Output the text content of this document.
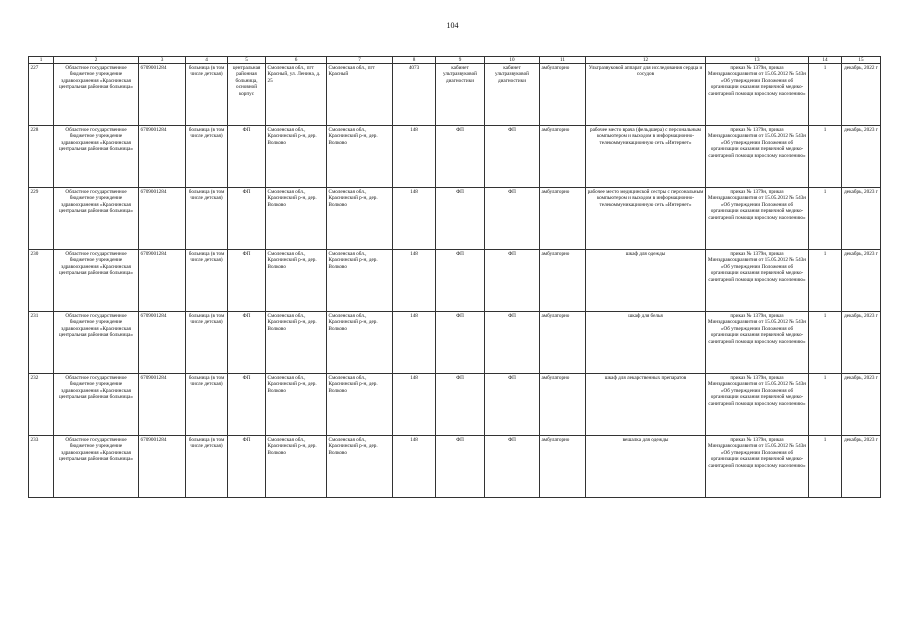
104
1	2	3	4	5	6	7	8	9	10	11	12	13	14	15
227	Областное государственное бюджетное учреждение здравоохранения «Краснинская центральная районная больница»	6709001284	больница (в том числе детская)	центральная районная больница, основной корпус	Смоленская обл., пгт Красный, ул. Ленина, д. 25	Смоленская обл., пгт Красный	4073	кабинет ультразвуковой диагностики	кабинет ультразвуковой диагностики	амбулаторно	Ультразвуковой аппарат для исследования сердца и сосудов	приказ № 1379н, приказ Минздравсоцразвития от 15.05.2012 № 543н «Об утверждении Положения об организации оказания первичной медико-санитарной помощи взрослому населению»	1	декабрь, 2022 г
228	Областное государственное бюджетное учреждение здравоохранения «Краснинская центральная районная больница»	6709001284	больница (в том числе детская)	ФП	Смоленская обл., Краснинский р-н, дер. Волково	Смоленская обл., Краснинский р-н, дер. Волково	148	ФП	ФП	амбулаторно	рабочее место врача (фельдшера) с персональным компьютером и выходом в информационно-телекоммуникационную сеть «Интернет»	приказ № 1379н, приказ Минздравсоцразвития от 15.05.2012 № 543н «Об утверждении Положения об организации оказания первичной медико-санитарной помощи взрослому населению»	1	декабрь, 2023 г
229	Областное государственное бюджетное учреждение здравоохранения «Краснинская центральная районная больница»	6709001284	больница (в том числе детская)	ФП	Смоленская обл., Краснинский р-н, дер. Волково	Смоленская обл., Краснинский р-н, дер. Волково	148	ФП	ФП	амбулаторно	рабочее место медицинской сестры с персональным компьютером и выходом в информационно-телекоммуникационную сеть «Интернет»	приказ № 1379н, приказ Минздравсоцразвития от 15.05.2012 № 543н «Об утверждении Положения об организации оказания первичной медико-санитарной помощи взрослому населению»	1	декабрь, 2023 г
230	Областное государственное бюджетное учреждение здравоохранения «Краснинская центральная районная больница»	6709001284	больница (в том числе детская)	ФП	Смоленская обл., Краснинский р-н, дер. Волково	Смоленская обл., Краснинский р-н, дер. Волково	148	ФП	ФП	амбулаторно	шкаф для одежды	приказ № 1379н, приказ Минздравсоцразвития от 15.05.2012 № 543н «Об утверждении Положения об организации оказания первичной медико-санитарной помощи взрослому населению»	1	декабрь, 2023 г
231	Областное государственное бюджетное учреждение здравоохранения «Краснинская центральная районная больница»	6709001284	больница (в том числе детская)	ФП	Смоленская обл., Краснинский р-н, дер. Волково	Смоленская обл., Краснинский р-н, дер. Волково	148	ФП	ФП	амбулаторно	шкаф для белья	приказ № 1379н, приказ Минздравсоцразвития от 15.05.2012 № 543н «Об утверждении Положения об организации оказания первичной медико-санитарной помощи взрослому населению»	1	декабрь, 2023 г
232	Областное государственное бюджетное учреждение здравоохранения «Краснинская центральная районная больница»	6709001284	больница (в том числе детская)	ФП	Смоленская обл., Краснинский р-н, дер. Волково	Смоленская обл., Краснинский р-н, дер. Волково	148	ФП	ФП	амбулаторно	шкаф для лекарственных препаратов	приказ № 1379н, приказ Минздравсоцразвития от 15.05.2012 № 543н «Об утверждении Положения об организации оказания первичной медико-санитарной помощи взрослому населению»	1	декабрь, 2023 г
233	Областное государственное бюджетное учреждение здравоохранения «Краснинская центральная районная больница»	6709001284	больница (в том числе детская)	ФП	Смоленская обл., Краснинский р-н, дер. Волково	Смоленская обл., Краснинский р-н, дер. Волково	148	ФП	ФП	амбулаторно	вешалка для одежды	приказ № 1379н, приказ Минздравсоцразвития от 15.05.2012 № 543н «Об утверждении Положения об организации оказания первичной медико-санитарной помощи взрослому населению»	1	декабрь, 2023 г
